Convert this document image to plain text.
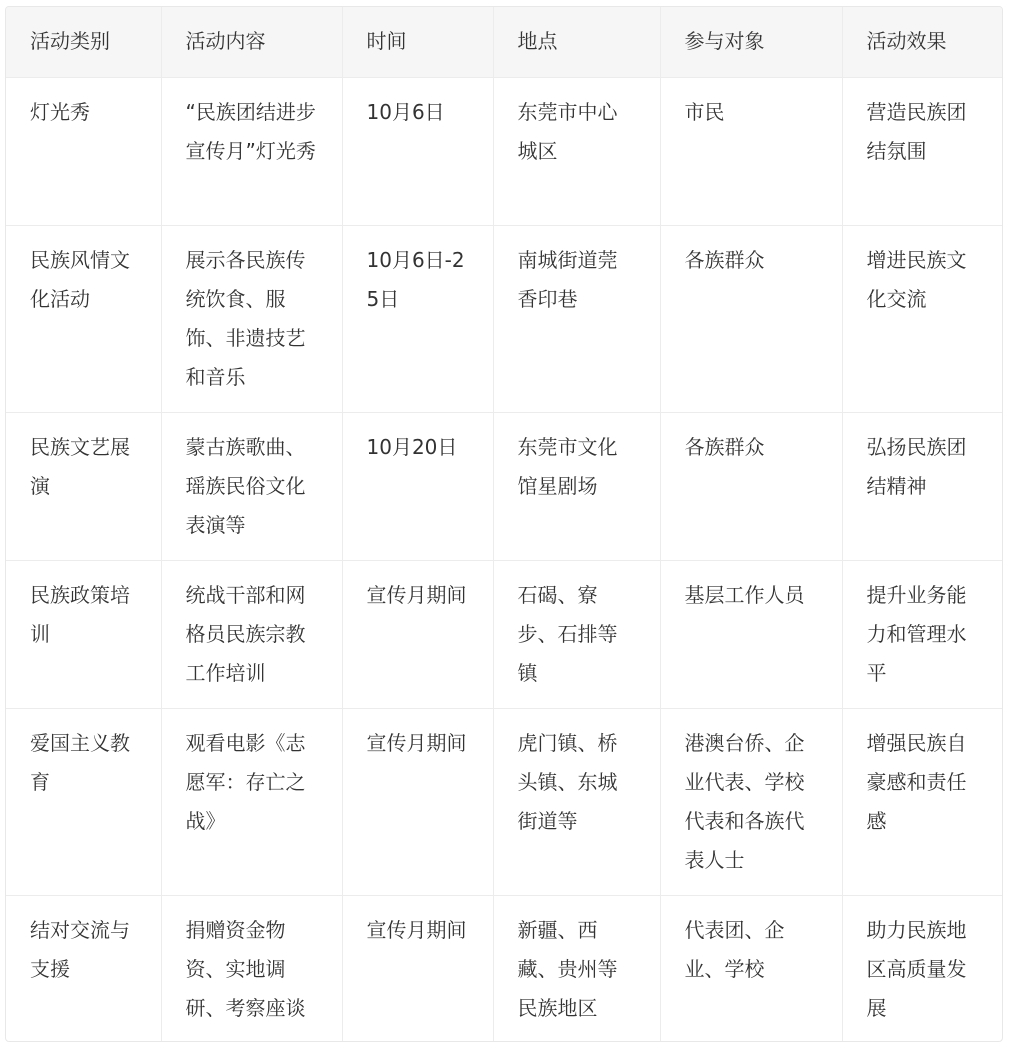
活动类别	活动内容	时间	地点	参与对象	活动效果
灯光秀	“民族团结进步宣传月”灯光秀	10月6日	东莞市中心城区	市民	营造民族团结氛围
民族风情文化活动	展示各民族传统饮食、服饰、非遗技艺和音乐	10月6日-25日	南城街道莞香印巷	各族群众	增进民族文化交流
民族文艺展演	蒙古族歌曲、瑶族民俗文化表演等	10月20日	东莞市文化馆星剧场	各族群众	弘扬民族团结精神
民族政策培训	统战干部和网格员民族宗教工作培训	宣传月期间	石碣、寮步、石排等镇	基层工作人员	提升业务能力和管理水平
爱国主义教育	观看电影《志愿军：存亡之战》	宣传月期间	虎门镇、桥头镇、东城街道等	港澳台侨、企业代表、学校代表和各族代表人士	增强民族自豪感和责任感
结对交流与支援	捐赠资金物资、实地调研、考察座谈	宣传月期间	新疆、西藏、贵州等民族地区	代表团、企业、学校	助力民族地区高质量发展
